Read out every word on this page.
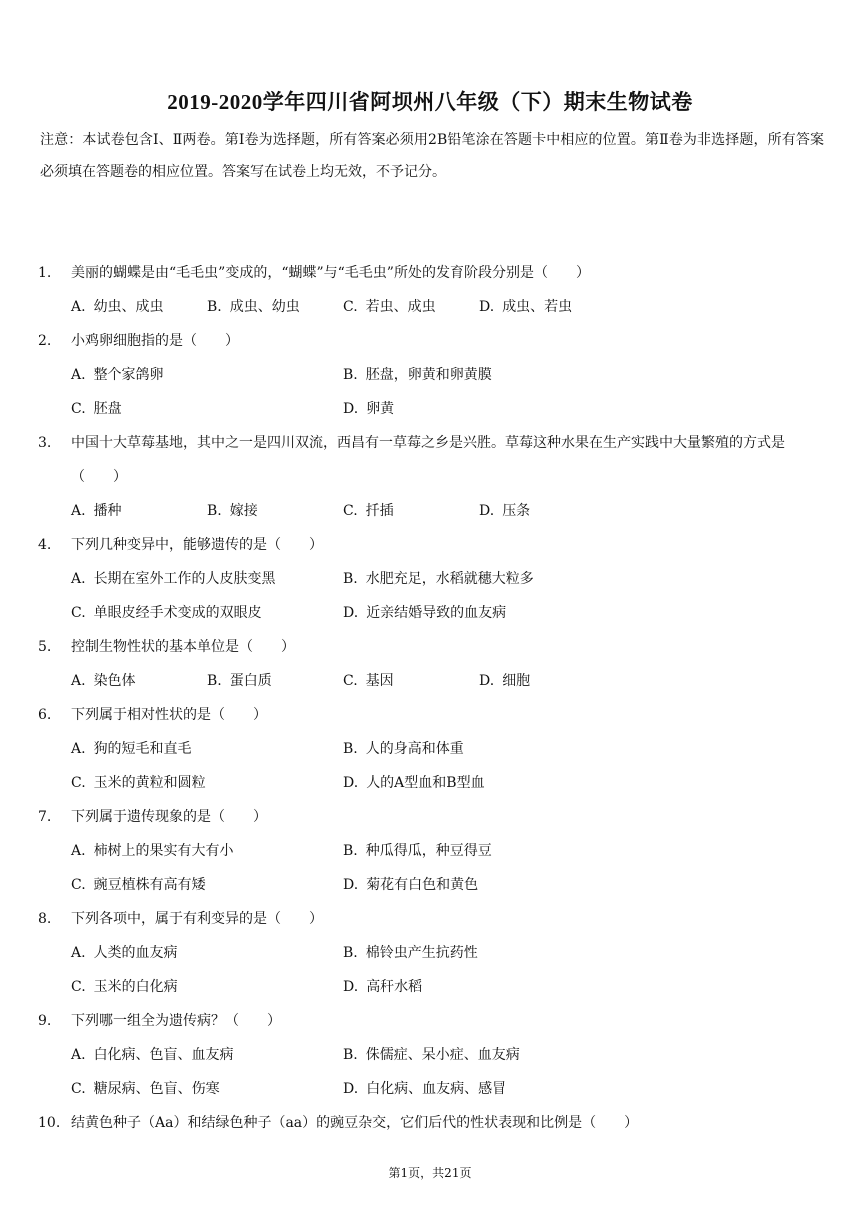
2019-2020学年四川省阿坝州八年级（下）期末生物试卷
注意：本试卷包含Ⅰ、Ⅱ两卷。第Ⅰ卷为选择题，所有答案必须用2B铅笔涂在答题卡中相应的位置。第Ⅱ卷为非选择题，所有答案必须填在答题卷的相应位置。答案写在试卷上均无效，不予记分。
1.	美丽的蝴蝶是由“毛毛虫”变成的，“蝴蝶”与“毛毛虫”所处的发育阶段分别是（　　）
A. 幼虫、成虫	B. 成虫、幼虫	C. 若虫、成虫	D. 成虫、若虫
2.	小鸡卵细胞指的是（　　）
A. 整个家鸽卵	B. 胚盘，卵黄和卵黄膜
C. 胚盘	D. 卵黄
3.	中国十大草莓基地，其中之一是四川双流，西昌有一草莓之乡是兴胜。草莓这种水果在生产实践中大量繁殖的方式是（　　）
A. 播种	B. 嫁接	C. 扦插	D. 压条
4.	下列几种变异中，能够遗传的是（　　）
A. 长期在室外工作的人皮肤变黑	B. 水肥充足，水稻就穗大粒多
C. 单眼皮经手术变成的双眼皮	D. 近亲结婚导致的血友病
5.	控制生物性状的基本单位是（　　）
A. 染色体	B. 蛋白质	C. 基因	D. 细胞
6.	下列属于相对性状的是（　　）
A. 狗的短毛和直毛	B. 人的身高和体重
C. 玉米的黄粒和圆粒	D. 人的A型血和B型血
7.	下列属于遗传现象的是（　　）
A. 柿树上的果实有大有小	B. 种瓜得瓜，种豆得豆
C. 豌豆植株有高有矮	D. 菊花有白色和黄色
8.	下列各项中，属于有利变异的是（　　）
A. 人类的血友病	B. 棉铃虫产生抗药性
C. 玉米的白化病	D. 高秆水稻
9.	下列哪一组全为遗传病？（　　）
A. 白化病、色盲、血友病	B. 侏儒症、呆小症、血友病
C. 糖尿病、色盲、伤寒	D. 白化病、血友病、感冒
10. 结黄色种子（Aa）和结绿色种子（aa）的豌豆杂交，它们后代的性状表现和比例是（　　）
第1页，共21页
